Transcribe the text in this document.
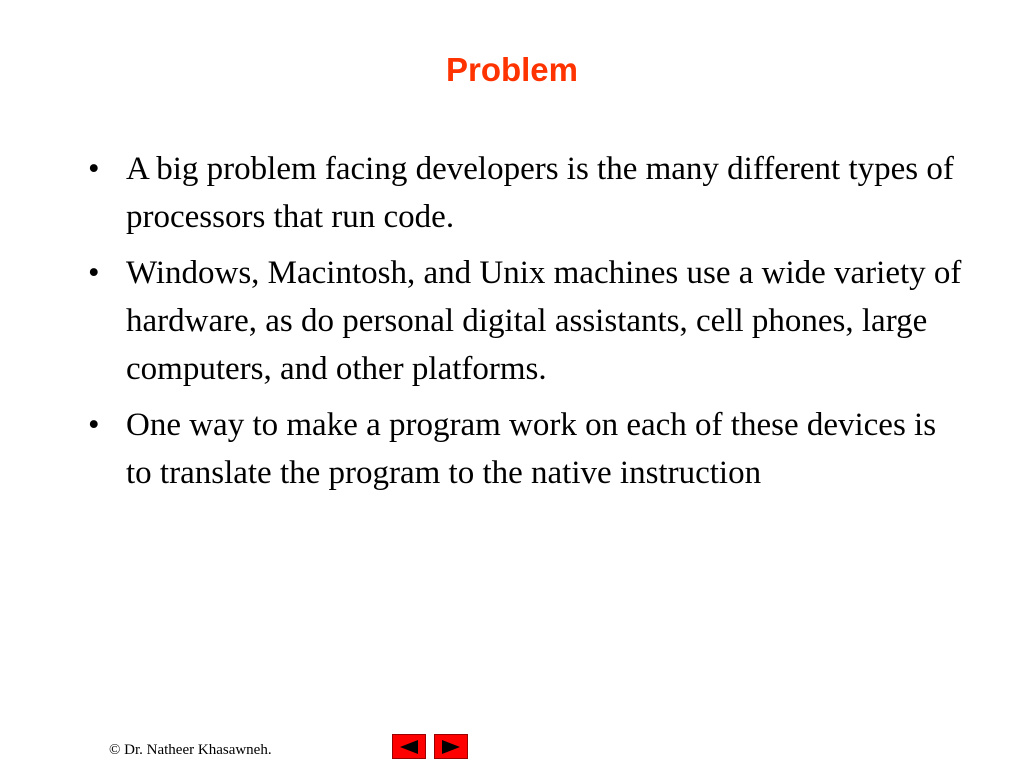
Problem
• A big problem facing developers is the many different types of processors that run code.
• Windows, Macintosh, and Unix machines use a wide variety of hardware, as do personal digital assistants, cell phones, large computers, and other platforms.
• One way to make a program work on each of these devices is to translate the program to the native instruction
© Dr. Natheer Khasawneh.
